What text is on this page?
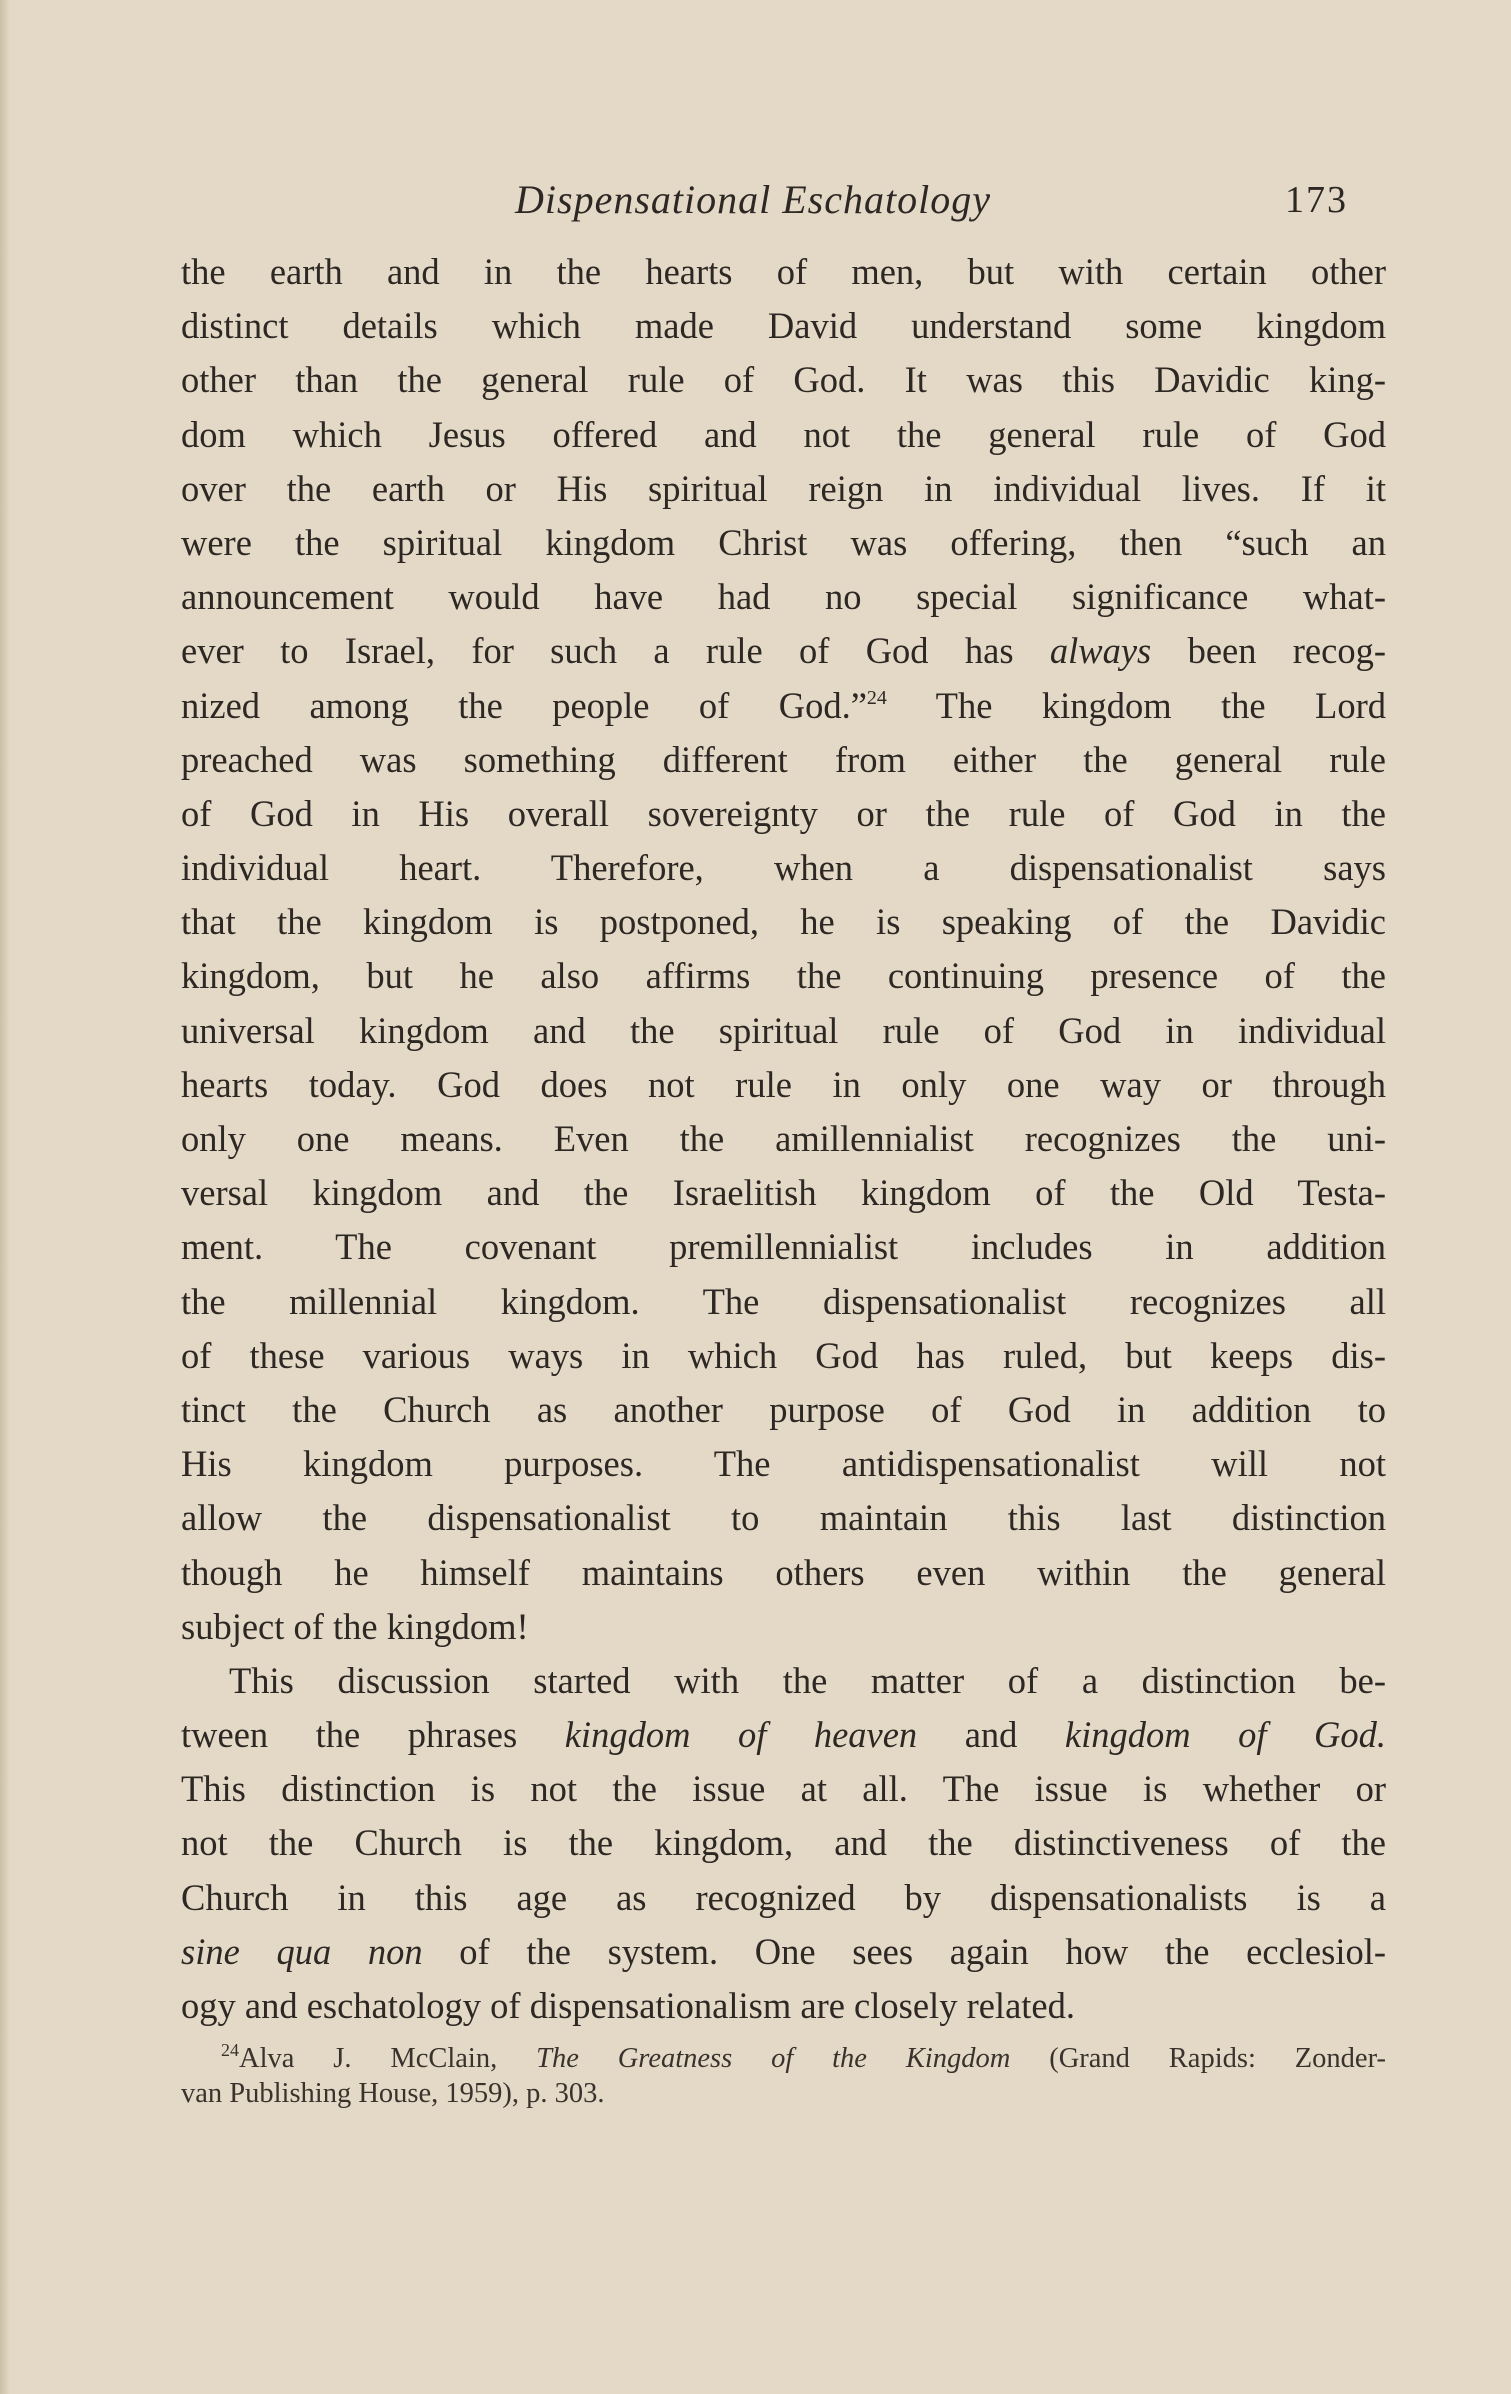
Dispensational Eschatology	173
the earth and in the hearts of men, but with certain other
distinct details which made David understand some kingdom
other than the general rule of God. It was this Davidic king-
dom which Jesus offered and not the general rule of God
over the earth or His spiritual reign in individual lives. If it
were the spiritual kingdom Christ was offering, then “such an
announcement would have had no special significance what-
ever to Israel, for such a rule of God has always been recog-
nized among the people of God.”$^{24}$ The kingdom the Lord
preached was something different from either the general rule
of God in His overall sovereignty or the rule of God in the
individual heart. Therefore, when a dispensationalist says
that the kingdom is postponed, he is speaking of the Davidic
kingdom, but he also affirms the continuing presence of the
universal kingdom and the spiritual rule of God in individual
hearts today. God does not rule in only one way or through
only one means. Even the amillennialist recognizes the uni-
versal kingdom and the Israelitish kingdom of the Old Testa-
ment. The covenant premillennialist includes in addition
the millennial kingdom. The dispensationalist recognizes all
of these various ways in which God has ruled, but keeps dis-
tinct the Church as another purpose of God in addition to
His kingdom purposes. The antidispensationalist will not
allow the dispensationalist to maintain this last distinction
though he himself maintains others even within the general
subject of the kingdom!
This discussion started with the matter of a distinction be-
tween the phrases kingdom of heaven and kingdom of God.
This distinction is not the issue at all. The issue is whether or
not the Church is the kingdom, and the distinctiveness of the
Church in this age as recognized by dispensationalists is a
sine qua non of the system. One sees again how the ecclesiol-
ogy and eschatology of dispensationalism are closely related.
$^{24}$Alva J. McClain, The Greatness of the Kingdom (Grand Rapids: Zonder-
van Publishing House, 1959), p. 303.
